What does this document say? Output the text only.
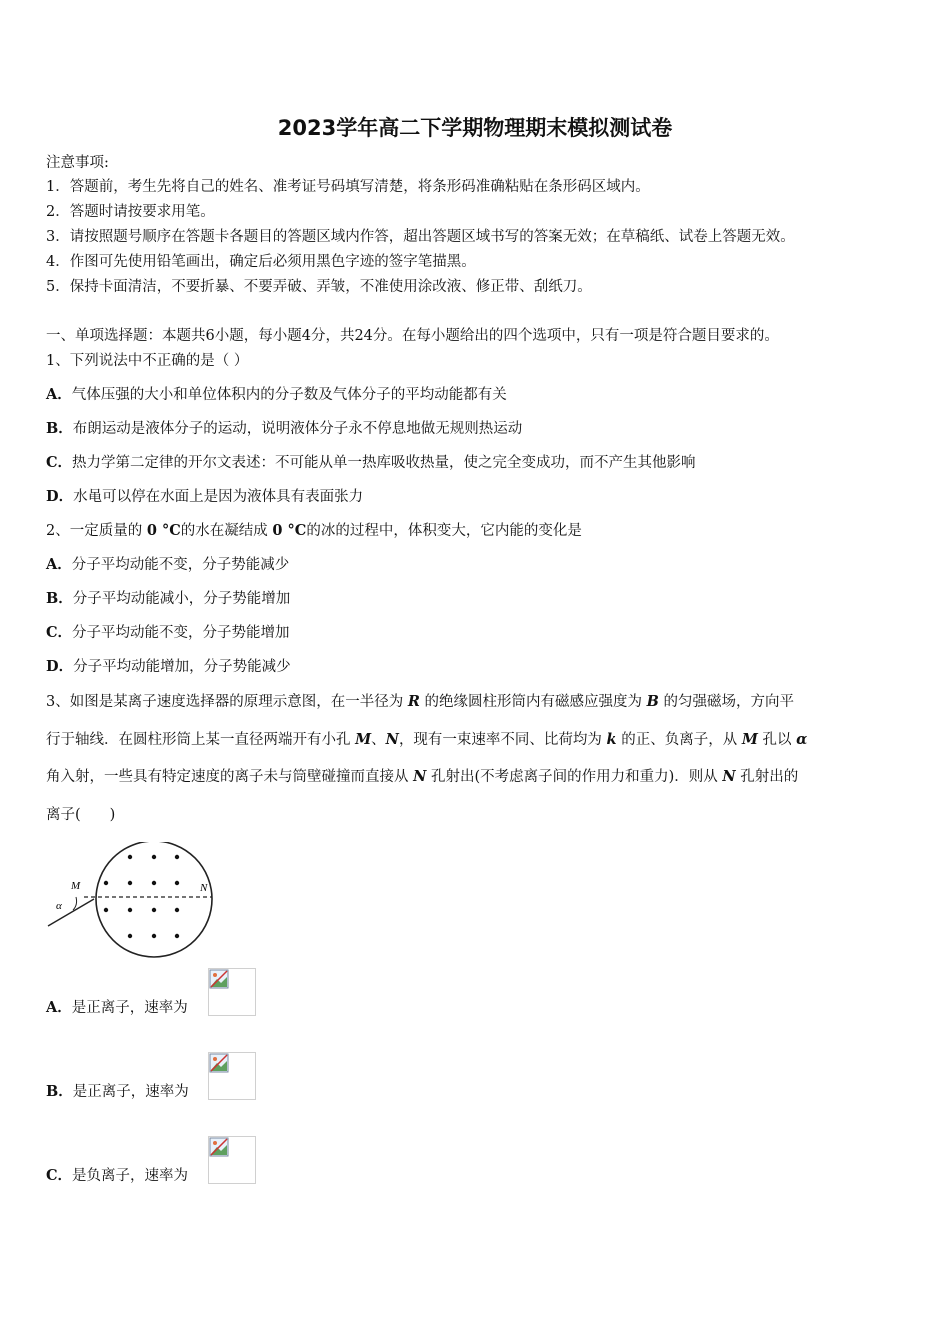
2023学年高二下学期物理期末模拟测试卷
注意事项:
1．答题前，考生先将自己的姓名、准考证号码填写清楚，将条形码准确粘贴在条形码区域内。
2．答题时请按要求用笔。
3．请按照题号顺序在答题卡各题目的答题区域内作答，超出答题区域书写的答案无效；在草稿纸、试卷上答题无效。
4．作图可先使用铅笔画出，确定后必须用黑色字迹的签字笔描黑。
5．保持卡面清洁，不要折暴、不要弄破、弄皱，不准使用涂改液、修正带、刮纸刀。
一、单项选择题：本题共6小题，每小题4分，共24分。在每小题给出的四个选项中，只有一项是符合题目要求的。
1、下列说法中不正确的是（ ）
A．气体压强的大小和单位体积内的分子数及气体分子的平均动能都有关
B．布朗运动是液体分子的运动，说明液体分子永不停息地做无规则热运动
C．热力学第二定律的开尔文表述：不可能从单一热库吸收热量，使之完全变成功，而不产生其他影响
D．水黾可以停在水面上是因为液体具有表面张力
2、一定质量的 0 °C的水在凝结成 0 °C的冰的过程中，体积变大，它内能的变化是
A．分子平均动能不变，分子势能减少
B．分子平均动能减小，分子势能增加
C．分子平均动能不变，分子势能增加
D．分子平均动能增加，分子势能减少
3、如图是某离子速度选择器的原理示意图，在一半径为 R 的绝缘圆柱形筒内有磁感应强度为 B 的匀强磁场，方向平
行于轴线．在圆柱形筒上某一直径两端开有小孔 M、N，现有一束速率不同、比荷均为 k 的正、负离子，从 M 孔以 α
角入射，一些具有特定速度的离子未与筒壁碰撞而直接从 N 孔射出(不考虑离子间的作用力和重力)．则从 N 孔射出的
离子(　　)
M	N
α
A．是正离子，速率为
B．是正离子，速率为
C．是负离子，速率为
